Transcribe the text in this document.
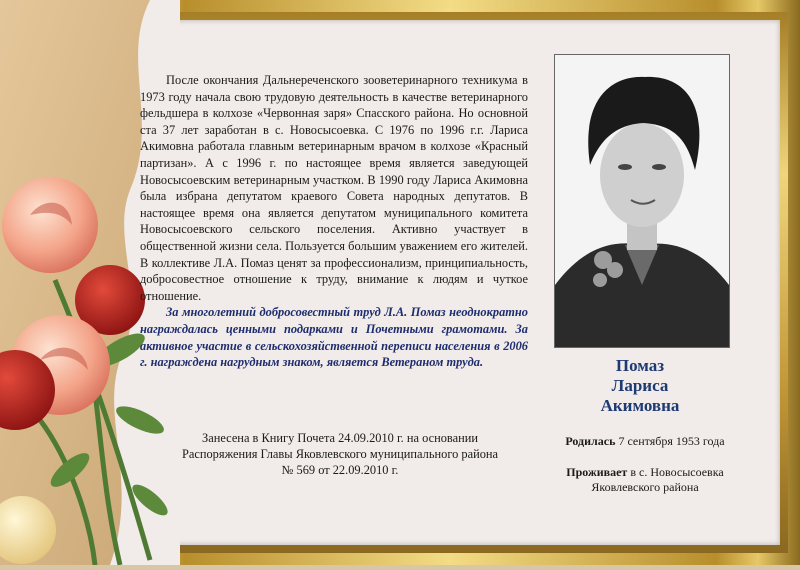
После окончания Дальнереченского зооветеринарного техникума в 1973 году начала свою трудовую деятельность в качестве ветеринарного фельдшера в колхозе «Червонная заря» Спасского района. Но основной ста 37 лет заработан в с. Новосысоевка. С 1976 по 1996 г.г. Лариса Акимовна работала главным ветеринарным врачом в колхозе «Красный партизан». А с 1996 г. по настоящее время является заведующей Новосысоевским ветеринарным участком. В 1990 году Лариса Акимовна была избрана депутатом краевого Совета народных депутатов. В настоящее время она является депутатом муниципального комитета Новосысоевского сельского поселения. Активно участвует в общественной жизни села. Пользуется большим уважением его жителей. В коллективе Л.А. Помаз ценят за профессионализм, принципиальность, добросовестное отношение к труду, внимание к людям и чуткое отношение.

За многолетний добросовестный труд Л.А. Помаз неоднократно награждалась ценными подарками и Почетными грамотами. За активное участие в сельскохозяйственной переписи населения в 2006 г. награждена нагрудным знаком, является Ветераном труда.

Занесена в Книгу Почета 24.09.2010 г. на основании
Распоряжения Главы Яковлевского муниципального района
№ 569 от 22.09.2010 г.
Помаз
Лариса
Акимовна
Родилась 7 сентября 1953 года
Проживает в с. Новосысоевка
Яковлевского района
